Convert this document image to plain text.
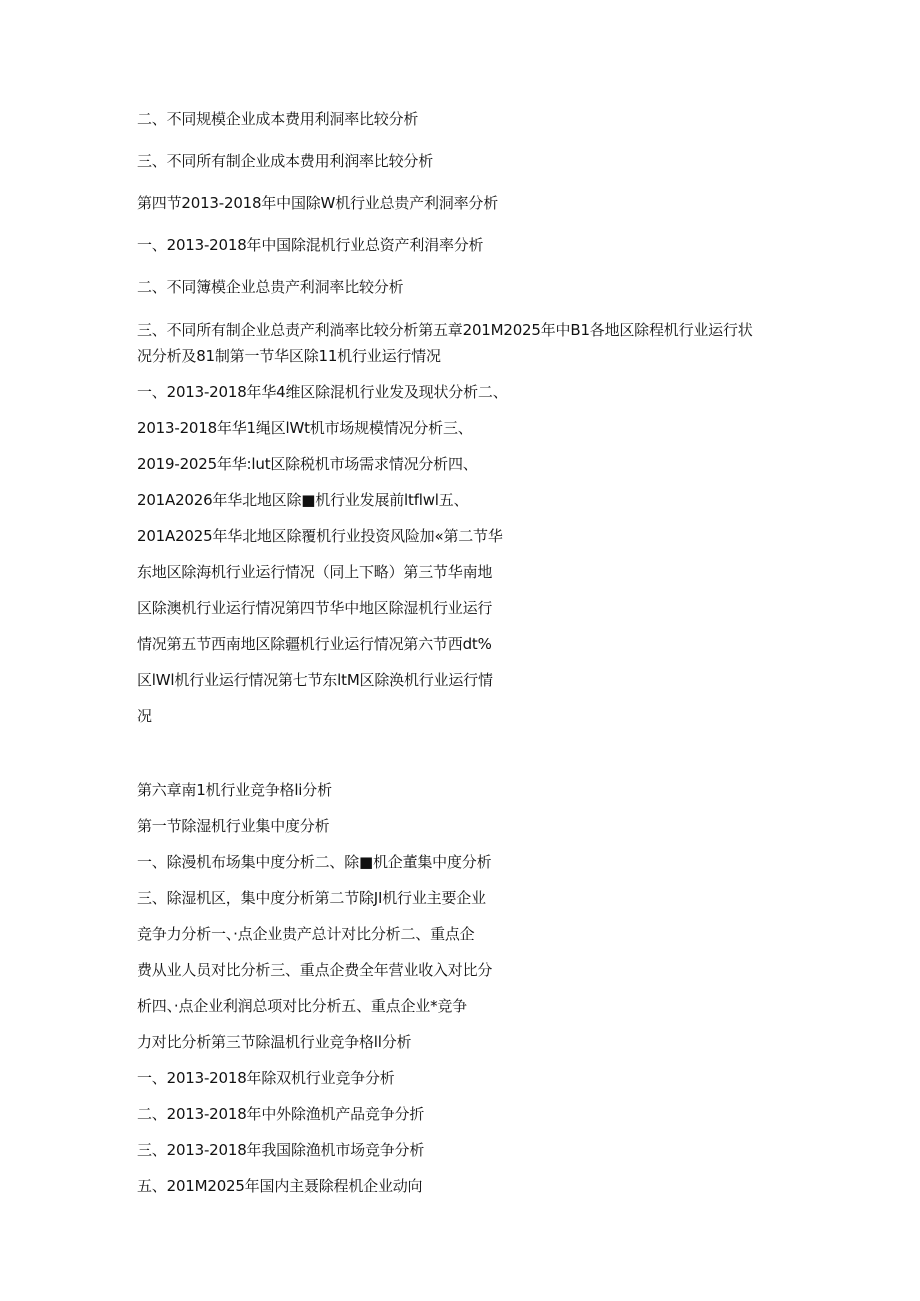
二、不同规模企业成本费用利洞率比较分析
三、不同所有制企业成本费用利润率比较分析
第四节2013-2018年中国除W机行业总贵产利洞率分析
一、2013-2018年中国除混机行业总资产利涓率分析
二、不同簿模企业总贵产利洞率比较分析
三、不同所有制企业总责产利淌率比较分析第五章201M2025年中B1各地区除程机行业运行状
况分析及81制第一节华区除11机行业运行情况
一、2013-2018年华4维区除混机行业发及现状分析二、
2013-2018年华1绳区lWt机市场规模情况分析三、
2019-2025年华:lut区除税机市场需求情况分析四、
201A2026年华北地区除■机行业发展前ltflwl五、
201A2025年华北地区除覆机行业投资风险加«第二节华
东地区除海机行业运行情况（同上下略）第三节华南地
区除澳机行业运行情况第四节华中地区除湿机行业运行
情况第五节西南地区除疆机行业运行情况第六节西dt%
区lWl机行业运行情况第七节东ltM区除涣机行业运行情
况
第六章南1机行业竞争格li分析
第一节除湿机行业集中度分析
一、除漫机布场集中度分析二、除■机企董集中度分析
三、除湿机区，集中度分析第二节除JI机行业主要企业
竞争力分析一、·点企业贵产总计对比分析二、重点企
费从业人员对比分析三、重点企费全年营业收入对比分
析四、·点企业利润总项对比分析五、重点企业*竞争
力对比分析第三节除温机行业竞争格ll分析
一、2013-2018年除双机行业竞争分析
二、2013-2018年中外除渔机产品竞争分折
三、2013-2018年我国除渔机市场竞争分析
五、201M2025年国内主聂除程机企业动向
